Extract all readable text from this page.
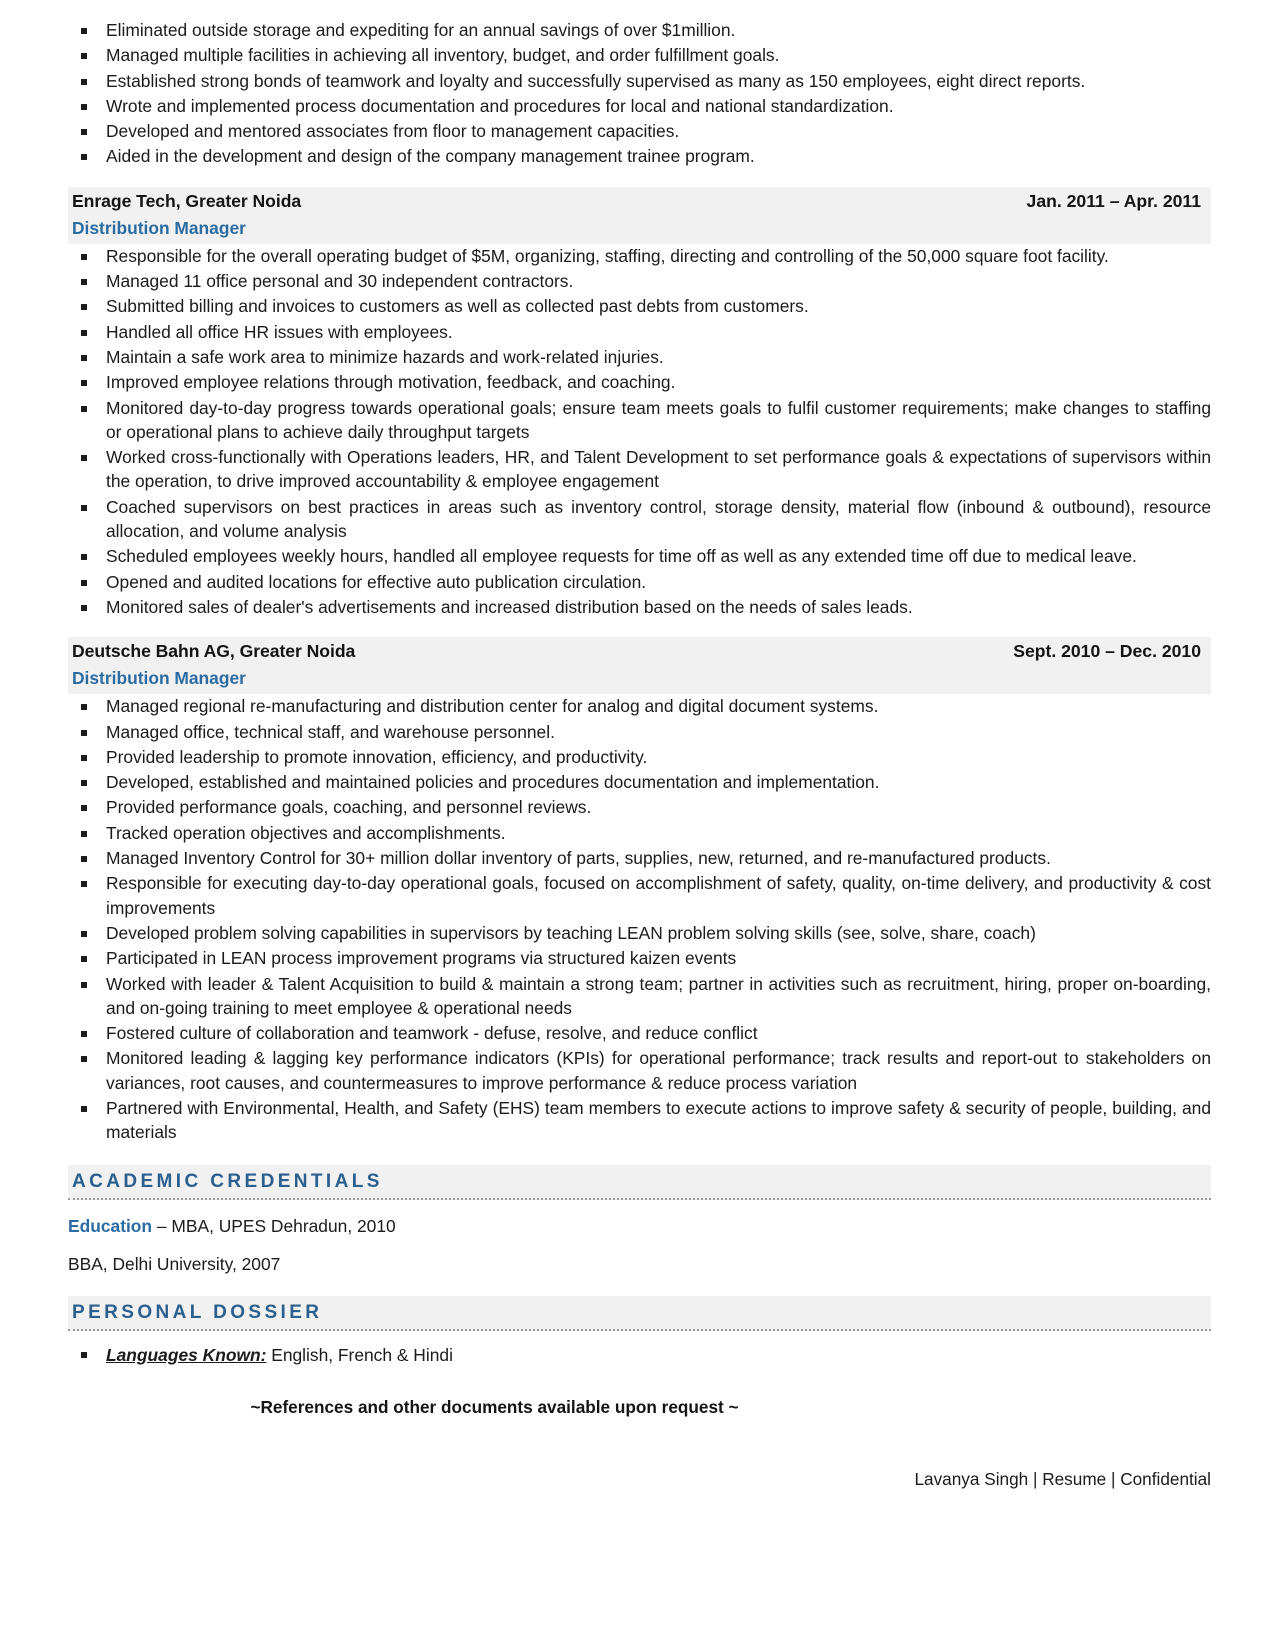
Eliminated outside storage and expediting for an annual savings of over $1million.
Managed multiple facilities in achieving all inventory, budget, and order fulfillment goals.
Established strong bonds of teamwork and loyalty and successfully supervised as many as 150 employees, eight direct reports.
Wrote and implemented process documentation and procedures for local and national standardization.
Developed and mentored associates from floor to management capacities.
Aided in the development and design of the company management trainee program.
Enrage Tech, Greater Noida	Jan. 2011 – Apr. 2011
Distribution Manager
Responsible for the overall operating budget of $5M, organizing, staffing, directing and controlling of the 50,000 square foot facility.
Managed 11 office personal and 30 independent contractors.
Submitted billing and invoices to customers as well as collected past debts from customers.
Handled all office HR issues with employees.
Maintain a safe work area to minimize hazards and work-related injuries.
Improved employee relations through motivation, feedback, and coaching.
Monitored day-to-day progress towards operational goals; ensure team meets goals to fulfil customer requirements; make changes to staffing or operational plans to achieve daily throughput targets
Worked cross-functionally with Operations leaders, HR, and Talent Development to set performance goals & expectations of supervisors within the operation, to drive improved accountability & employee engagement
Coached supervisors on best practices in areas such as inventory control, storage density, material flow (inbound & outbound), resource allocation, and volume analysis
Scheduled employees weekly hours, handled all employee requests for time off as well as any extended time off due to medical leave.
Opened and audited locations for effective auto publication circulation.
Monitored sales of dealer's advertisements and increased distribution based on the needs of sales leads.
Deutsche Bahn AG, Greater Noida	Sept. 2010 – Dec. 2010
Distribution Manager
Managed regional re-manufacturing and distribution center for analog and digital document systems.
Managed office, technical staff, and warehouse personnel.
Provided leadership to promote innovation, efficiency, and productivity.
Developed, established and maintained policies and procedures documentation and implementation.
Provided performance goals, coaching, and personnel reviews.
Tracked operation objectives and accomplishments.
Managed Inventory Control for 30+ million dollar inventory of parts, supplies, new, returned, and re-manufactured products.
Responsible for executing day-to-day operational goals, focused on accomplishment of safety, quality, on-time delivery, and productivity & cost improvements
Developed problem solving capabilities in supervisors by teaching LEAN problem solving skills (see, solve, share, coach)
Participated in LEAN process improvement programs via structured kaizen events
Worked with leader & Talent Acquisition to build & maintain a strong team; partner in activities such as recruitment, hiring, proper on-boarding, and on-going training to meet employee & operational needs
Fostered culture of collaboration and teamwork - defuse, resolve, and reduce conflict
Monitored leading & lagging key performance indicators (KPIs) for operational performance; track results and report-out to stakeholders on variances, root causes, and countermeasures to improve performance & reduce process variation
Partnered with Environmental, Health, and Safety (EHS) team members to execute actions to improve safety & security of people, building, and materials
ACADEMIC CREDENTIALS
Education – MBA, UPES Dehradun, 2010
BBA, Delhi University, 2007
PERSONAL DOSSIER
Languages Known: English, French & Hindi
~References and other documents available upon request ~
Lavanya Singh | Resume | Confidential
